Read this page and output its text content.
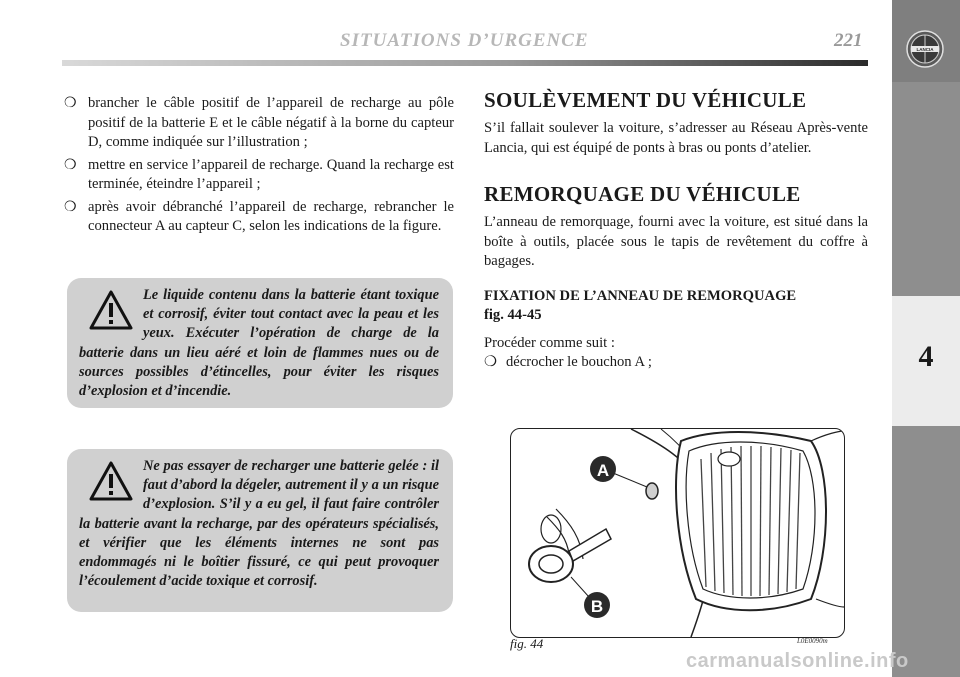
SITUATIONS D’URGENCE	221	LANCIA
4
❍ brancher le câble positif de l’appareil de recharge au pôle positif de la batterie E et le câble négatif à la borne du capteur D, comme indiquée sur l’illustration ;
❍ mettre en service l’appareil de recharge. Quand la recharge est terminée, éteindre l’appareil ;
❍ après avoir débranché l’appareil de recharge, rebrancher le connecteur A au capteur C, selon les indications de la figure.

Le liquide contenu dans la batterie étant toxique et corrosif, éviter tout contact avec la peau et les yeux. Exécuter l’opération de charge de la batterie dans un lieu aéré et loin de flammes nues ou de sources possibles d’étincelles, pour éviter les risques d’explosion et d’incendie.

Ne pas essayer de recharger une batterie gelée : il faut d’abord la dégeler, autrement il y a un risque d’explosion. S’il y a eu gel, il faut faire contrôler la batterie avant la recharge, par des opérateurs spécialisés, et vérifier que les éléments internes ne sont pas endommagés ni le boîtier fissuré, ce qui peut provoquer l’écoulement d’acide toxique et corrosif.

SOULÈVEMENT DU VÉHICULE

S’il fallait soulever la voiture, s’adresser au Réseau Après-vente Lancia, qui est équipé de ponts à bras ou ponts d’atelier.

REMORQUAGE DU VÉHICULE

L’anneau de remorquage, fourni avec la voiture, est situé dans la boîte à outils, placée sous le tapis de revêtement du coffre à bagages.

FIXATION DE L’ANNEAU DE REMORQUAGE

fig. 44-45

Procéder comme suit :

❍ décrocher le bouchon A ;

A
B
fig. 44	L0E0090m
carmanualsonline.info
